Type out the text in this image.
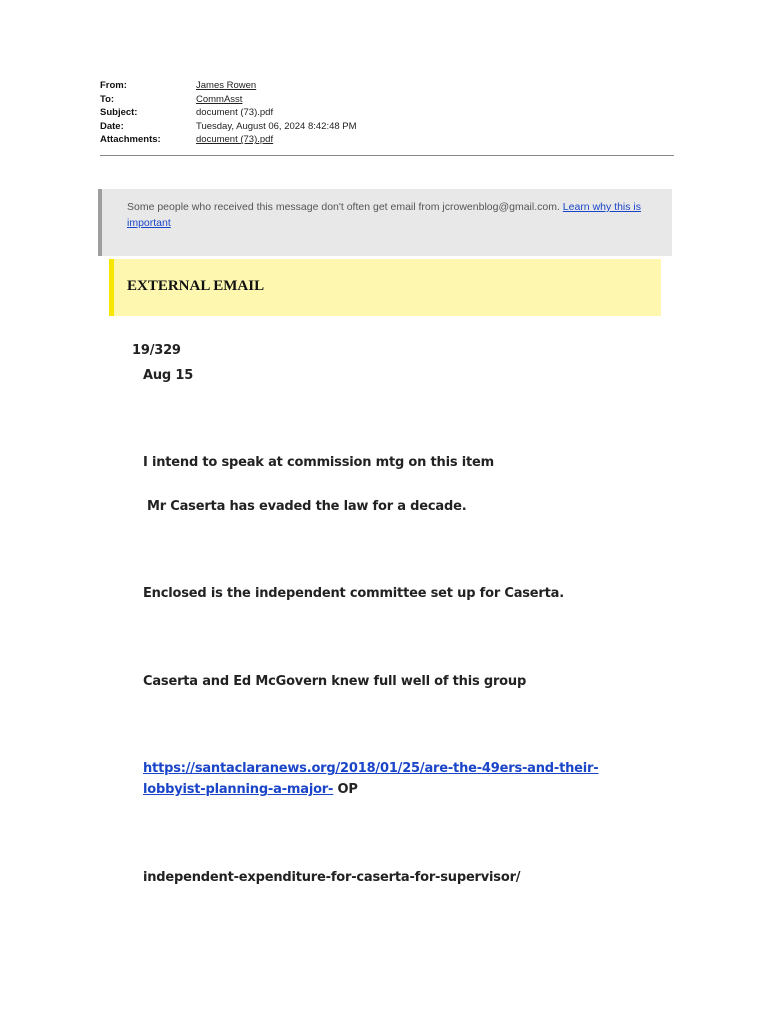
From:	James Rowen
To:	CommAsst
Subject:	document (73).pdf
Date:	Tuesday, August 06, 2024 8:42:48 PM
Attachments:	document (73).pdf
Some people who received this message don't often get email from jcrowenblog@gmail.com. Learn why this is important
EXTERNAL EMAIL
19/329
Aug 15
I intend to speak at commission mtg on this item
Mr Caserta has evaded the law for a decade.
Enclosed is the independent committee set up for Caserta.
Caserta and Ed McGovern knew full well of this group
https://santaclaranews.org/2018/01/25/are-the-49ers-and-their-
lobbyist-planning-a-major- OP
independent-expenditure-for-caserta-for-supervisor/
